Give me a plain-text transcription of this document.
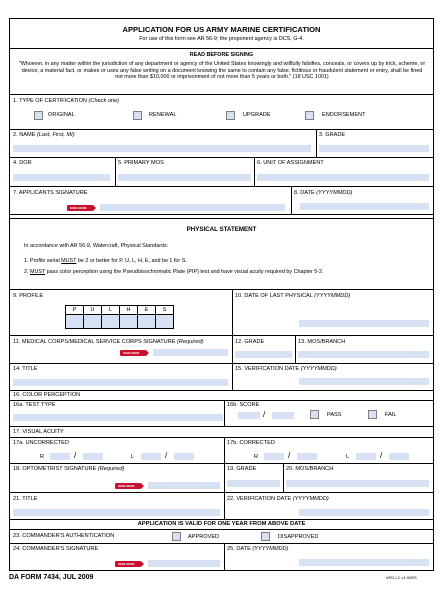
APPLICATION FOR US ARMY MARINE CERTIFICATION
For use of this form see AR 56-9; the proponent agency is DCS, G-4.
READ BEFORE SIGNING
"Whoever, in any matter within the jurisdiction of any department or agency of the United States knowingly and willfully falsifies, conceals, or covers up by trick, scheme, or device, a material fact, or makes or uses any false writing on a document knowing the same to contain any false, fictitious or fraudulent statement or entry, shall be fined not more than $10,000 or imprisonment of not more than 5 years or both." (18 USC 1001)
1. TYPE OF CERTIFICATION (Check one)
ORIGINAL	RENEWAL	UPGRADE	ENDORSEMENT
2. NAME (Last, First, MI)	3. GRADE
4. DOR	5. PRIMARY MOS	6. UNIT OF ASSIGNMENT
7. APPLICANTS SIGNATURE
SIGN HERE
8. DATE (YYYYMMDD)
PHYSICAL STATEMENT
In accordance with AR 56-9, Watercraft, Physical Standards:
1. Profile serial MUST be 2 or better for P, U, L, H, E, and be 1 for S.
2. MUST pass color perception using the Pseudoisochromatic Plate (PIP) test and have visual acuity required by Chapter 5-2.
9. PROFILE
P	U	L	H	E	S

10. DATE OF LAST PHYSICAL (YYYYMMDD)
11. MEDICAL CORPS/MEDICAL SERVICE CORPS SIGNATURE (Required)
SIGN HERE
12. GRADE	13. MOS/BRANCH
14. TITLE	15. VERIFICATION DATE (YYYYMMDD)
16. COLOR PERCEPTION
16a. TEST TYPE	16b. SCORE
/	PASS	FAIL
17. VISUAL ACUITY
17a. UNCORRECTED
R	/	L	/
17b. CORRECTED
R	/	L	/
18. OPTOMETRIST SIGNATURE (Required)
SIGN HERE
19. GRADE	20. MOS/BRANCH
21. TITLE	22. VERIFICATION DATE (YYYYMMDD)
APPLICATION IS VALID FOR ONE YEAR FROM ABOVE DATE
23. COMMANDER'S AUTHENTICATION	APPROVED	DISAPPROVED
24. COMMANDER'S SIGNATURE
SIGN HERE
25. DATE (YYYYMMDD)
DA FORM 7434, JUL 2009	APD LC v1.00ES
